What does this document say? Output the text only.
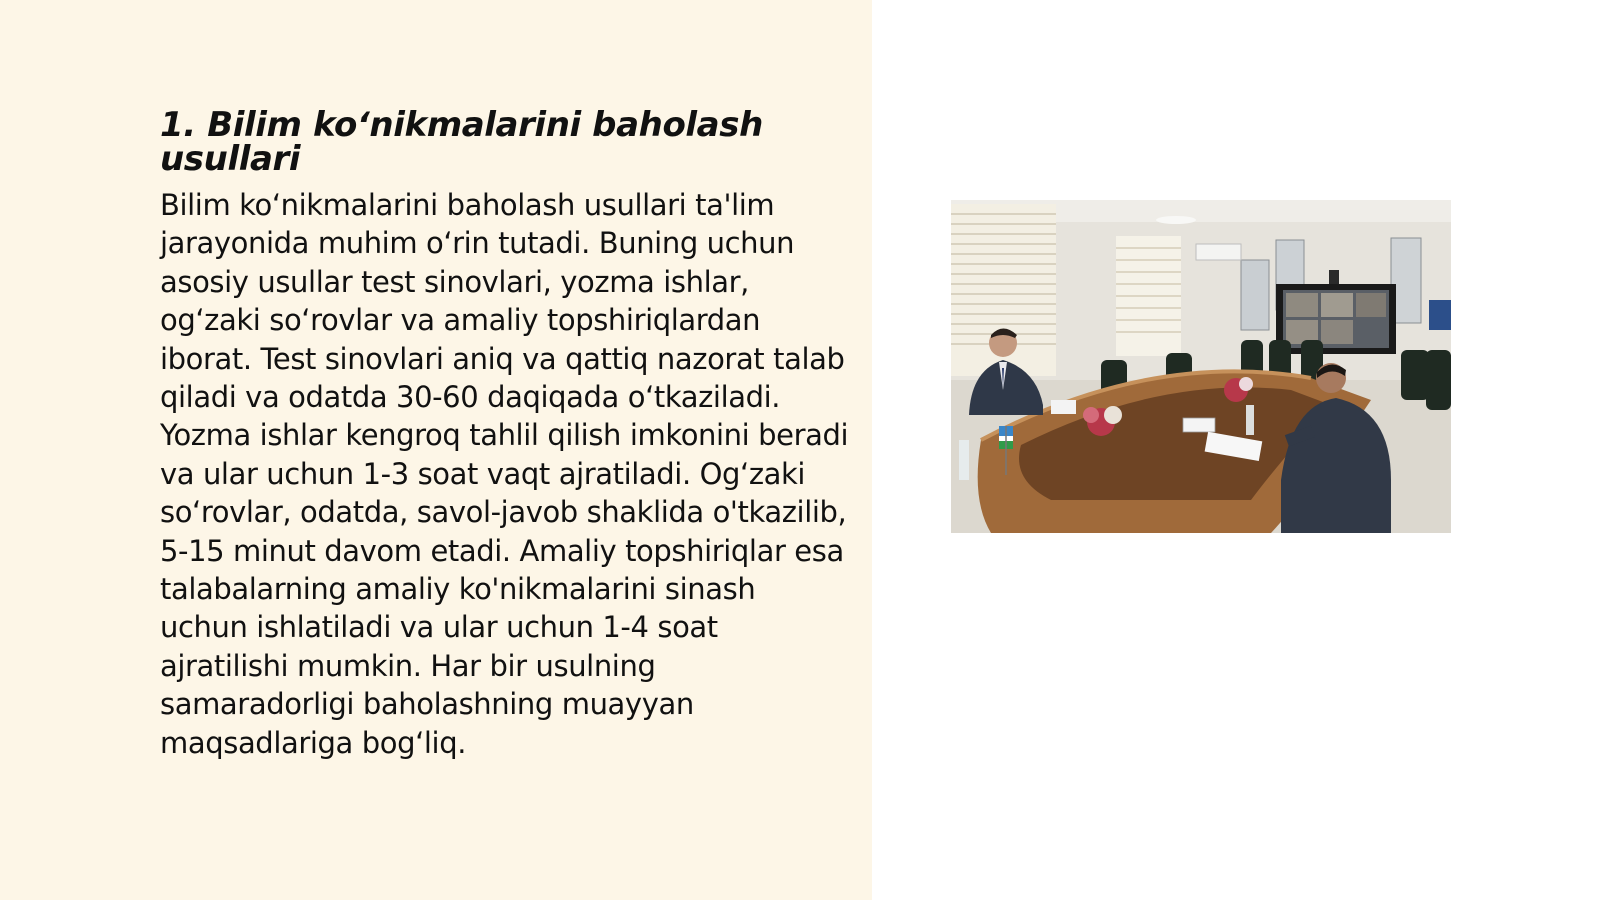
1. Bilim ko‘nikmalarini baholash usullari

Bilim ko‘nikmalarini baholash usullari ta'lim jarayonida muhim o‘rin tutadi. Buning uchun asosiy usullar test sinovlari, yozma ishlar, og‘zaki so‘rovlar va amaliy topshiriqlardan iborat. Test sinovlari aniq va qattiq nazorat talab qiladi va odatda 30-60 daqiqada o‘tkaziladi. Yozma ishlar kengroq tahlil qilish imkonini beradi va ular uchun 1-3 soat vaqt ajratiladi. Og‘zaki so‘rovlar, odatda, savol-javob shaklida o'tkazilib, 5-15 minut davom etadi. Amaliy topshiriqlar esa talabalarning amaliy ko'nikmalarini sinash uchun ishlatiladi va ular uchun 1-4 soat ajratilishi mumkin. Har bir usulning samaradorligi baholashning muayyan maqsadlariga bog‘liq.
